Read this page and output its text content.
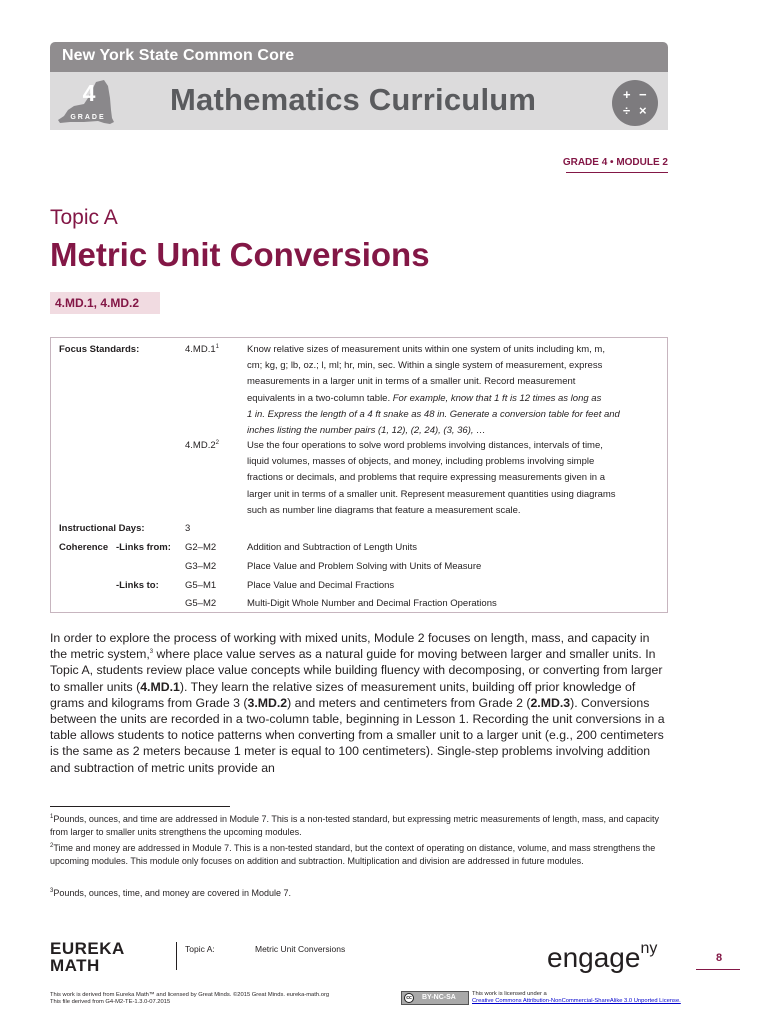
New York State Common Core
4
GRADE
Mathematics Curriculum	+ −
÷ ×
GRADE 4 • MODULE 2
Topic A
Metric Unit Conversions
4.MD.1, 4.MD.2
Focus Standards:	$4.MD.1^1$	Know relative sizes of measurement units within one system of units including km, m,
cm; kg, g; lb, oz.; l, ml; hr, min, sec. Within a single system of measurement, express
measurements in a larger unit in terms of a smaller unit. Record measurement
equivalents in a two-column table. For example, know that 1 ft is 12 times as long as
1 in. Express the length of a 4 ft snake as 48 in. Generate a conversion table for feet and
inches listing the number pairs (1, 12), (2, 24), (3, 36), …
$4.MD.2^2$	Use the four operations to solve word problems involving distances, intervals of time,
liquid volumes, masses of objects, and money, including problems involving simple
fractions or decimals, and problems that require expressing measurements given in a
larger unit in terms of a smaller unit. Represent measurement quantities using diagrams
such as number line diagrams that feature a measurement scale.
Instructional Days:	3
Coherence -Links from: G2–M2	Addition and Subtraction of Length Units
G3–M2	Place Value and Problem Solving with Units of Measure
-Links to:	G5–M1	Place Value and Decimal Fractions
G5–M2	Multi-Digit Whole Number and Decimal Fraction Operations
In order to explore the process of working with mixed units, Module 2 focuses on length, mass, and capacity in the metric system,$^3$ where place value serves as a natural guide for moving between larger and smaller units. In Topic A, students review place value concepts while building fluency with decomposing, or converting from larger to smaller units (4.MD.1). They learn the relative sizes of measurement units, building off prior knowledge of grams and kilograms from Grade 3 (3.MD.2) and meters and centimeters from Grade 2 (2.MD.3). Conversions between the units are recorded in a two-column table, beginning in Lesson 1. Recording the unit conversions in a table allows students to notice patterns when converting from a smaller unit to a larger unit (e.g., 200 centimeters is the same as 2 meters because 1 meter is equal to 100 centimeters). Single-step problems involving addition and subtraction of metric units provide an
$^1$Pounds, ounces, and time are addressed in Module 7. This is a non-tested standard, but expressing metric measurements of length, mass, and capacity from larger to smaller units strengthens the upcoming modules.
$^2$Time and money are addressed in Module 7. This is a non-tested standard, but the context of operating on distance, volume, and mass strengthens the upcoming modules. This module only focuses on addition and subtraction. Multiplication and division are addressed in future modules.
$^3$Pounds, ounces, time, and money are covered in Module 7.
EUREKA
MATH
Topic A:	Metric Unit Conversions	engage$^{ny}$
8
This work is derived from Eureka Math™ and licensed by Great Minds. ©2015 Great Minds. eureka-math.org
This file derived from G4-M2-TE-1.3.0-07.2015
BY-NC-SA
cc
This work is licensed under a
Creative Commons Attribution-NonCommercial-ShareAlike 3.0 Unported License.
